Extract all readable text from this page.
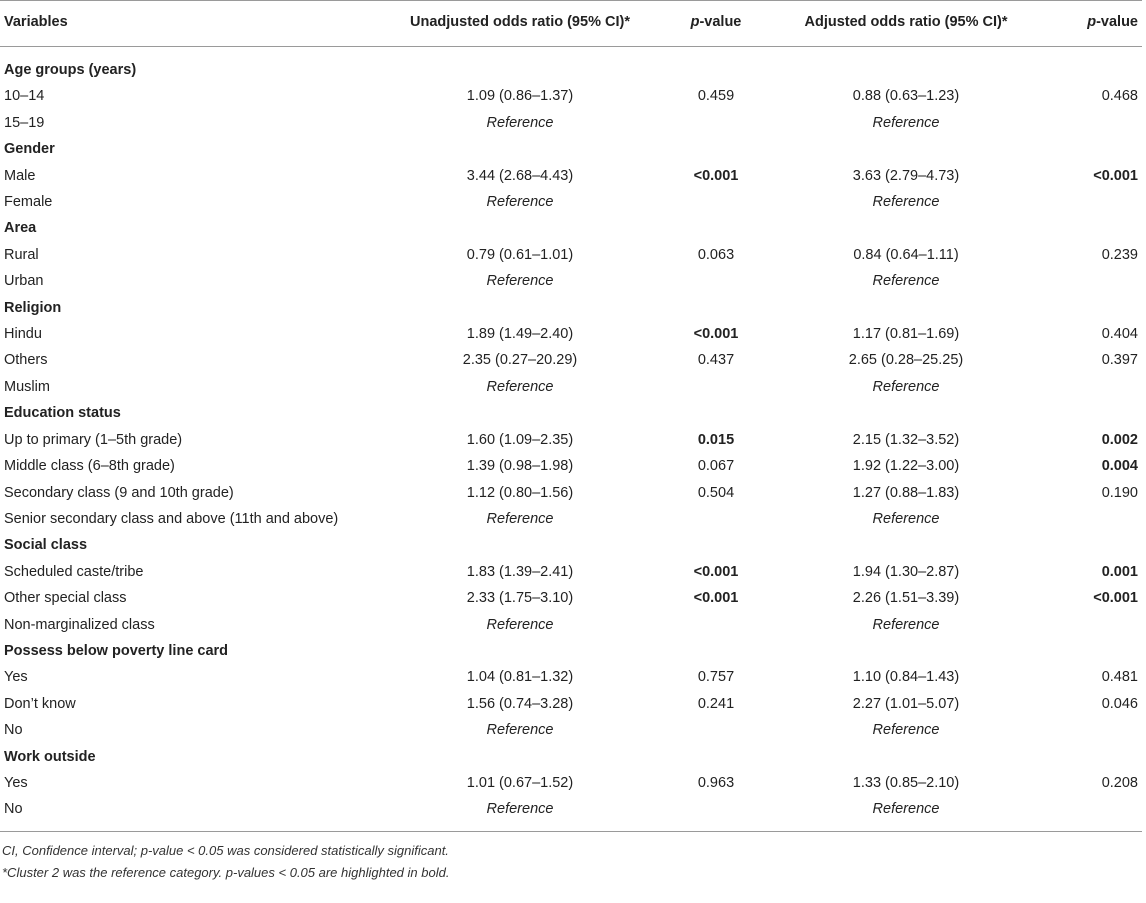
Variables	Unadjusted odds ratio (95% CI)*	p-value	Adjusted odds ratio (95% CI)*	p-value
Age groups (years)				
10–14	1.09 (0.86–1.37)	0.459	0.88 (0.63–1.23)	0.468
15–19	Reference		Reference	
Gender				
Male	3.44 (2.68–4.43)	<0.001	3.63 (2.79–4.73)	<0.001
Female	Reference		Reference	
Area				
Rural	0.79 (0.61–1.01)	0.063	0.84 (0.64–1.11)	0.239
Urban	Reference		Reference	
Religion				
Hindu	1.89 (1.49–2.40)	<0.001	1.17 (0.81–1.69)	0.404
Others	2.35 (0.27–20.29)	0.437	2.65 (0.28–25.25)	0.397
Muslim	Reference		Reference	
Education status				
Up to primary (1–5th grade)	1.60 (1.09–2.35)	0.015	2.15 (1.32–3.52)	0.002
Middle class (6–8th grade)	1.39 (0.98–1.98)	0.067	1.92 (1.22–3.00)	0.004
Secondary class (9 and 10th grade)	1.12 (0.80–1.56)	0.504	1.27 (0.88–1.83)	0.190
Senior secondary class and above (11th and above)	Reference		Reference	
Social class				
Scheduled caste/tribe	1.83 (1.39–2.41)	<0.001	1.94 (1.30–2.87)	0.001
Other special class	2.33 (1.75–3.10)	<0.001	2.26 (1.51–3.39)	<0.001
Non-marginalized class	Reference		Reference	
Possess below poverty line card				
Yes	1.04 (0.81–1.32)	0.757	1.10 (0.84–1.43)	0.481
Don’t know	1.56 (0.74–3.28)	0.241	2.27 (1.01–5.07)	0.046
No	Reference		Reference	
Work outside				
Yes	1.01 (0.67–1.52)	0.963	1.33 (0.85–2.10)	0.208
No	Reference		Reference	
CI, Confidence interval; p-value < 0.05 was considered statistically significant.
*Cluster 2 was the reference category. p-values < 0.05 are highlighted in bold.
